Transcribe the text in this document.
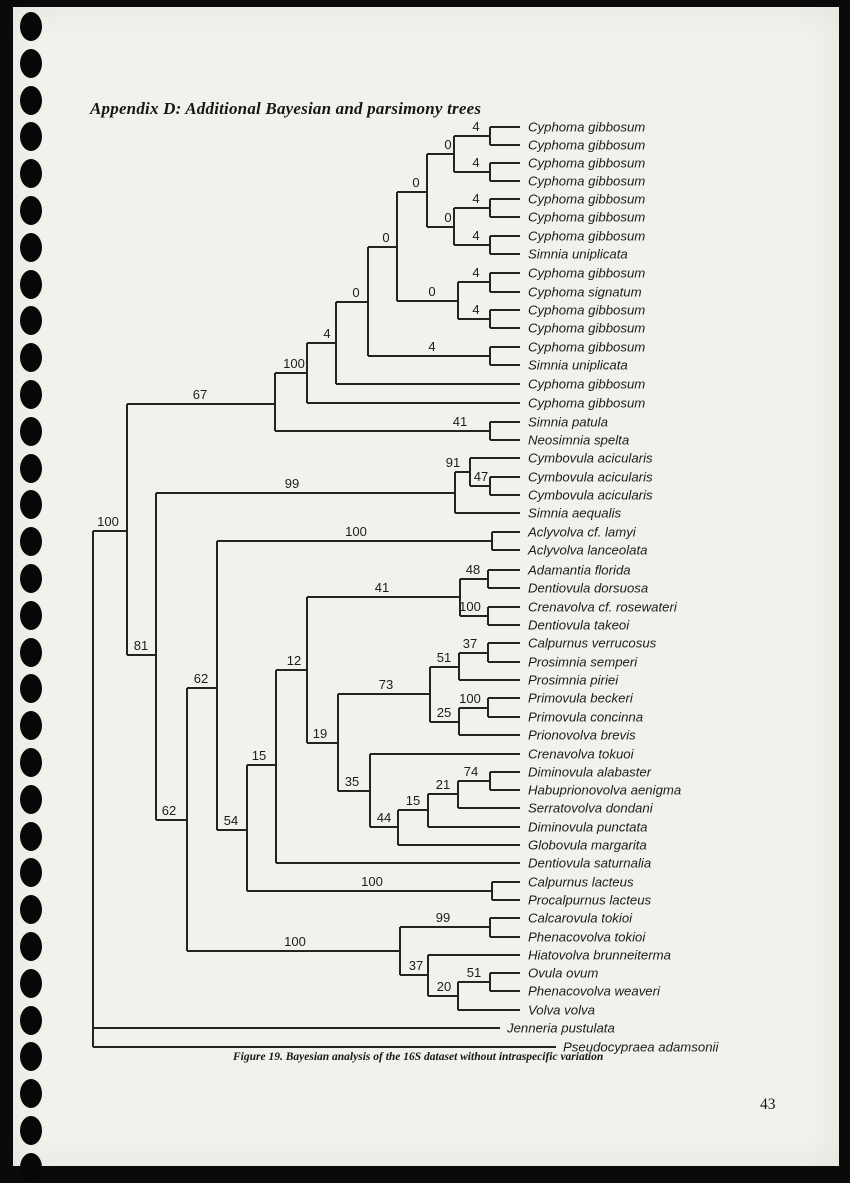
Appendix D: Additional Bayesian and parsimony trees
Cyphoma gibbosum
Cyphoma gibbosum
Cyphoma gibbosum
Cyphoma gibbosum
Cyphoma gibbosum
Cyphoma gibbosum
Cyphoma gibbosum
Simnia uniplicata
Cyphoma gibbosum
Cyphoma signatum
Cyphoma gibbosum
Cyphoma gibbosum
Cyphoma gibbosum
Simnia uniplicata
Cyphoma gibbosum
Cyphoma gibbosum
Simnia patula
Neosimnia spelta
Cymbovula acicularis
Cymbovula acicularis
Cymbovula acicularis
Simnia aequalis
Aclyvolva cf. lamyi
Aclyvolva lanceolata
Adamantia florida
Dentiovula dorsuosa
Crenavolva cf. rosewateri
Dentiovula takeoi
Calpurnus verrucosus
Prosimnia semperi
Prosimnia piriei
Primovula beckeri
Primovula concinna
Prionovolva brevis
Crenavolva tokuoi
Diminovula alabaster
Habuprionovolva aenigma
Serratovolva dondani
Diminovula punctata
Globovula margarita
Dentiovula saturnalia
Calpurnus lacteus
Procalpurnus lacteus
Calcarovula tokioi
Phenacovolva tokioi
Hiatovolva brunneiterma
Ovula ovum
Phenacovolva weaveri
Volva volva
Jenneria pustulata
Pseudocypraea adamsonii
4
4
0
4
4
0
0
0
4
4
0
0
4
4
100
67
41
91
47
99
100
100
81
48
41
100
37
51
73
100
25
12
19
15
35
74
21
15
44
62
62
54
100
99
100
37	51
20
Figure 19. Bayesian analysis of the 16S dataset without intraspecific variation
43
